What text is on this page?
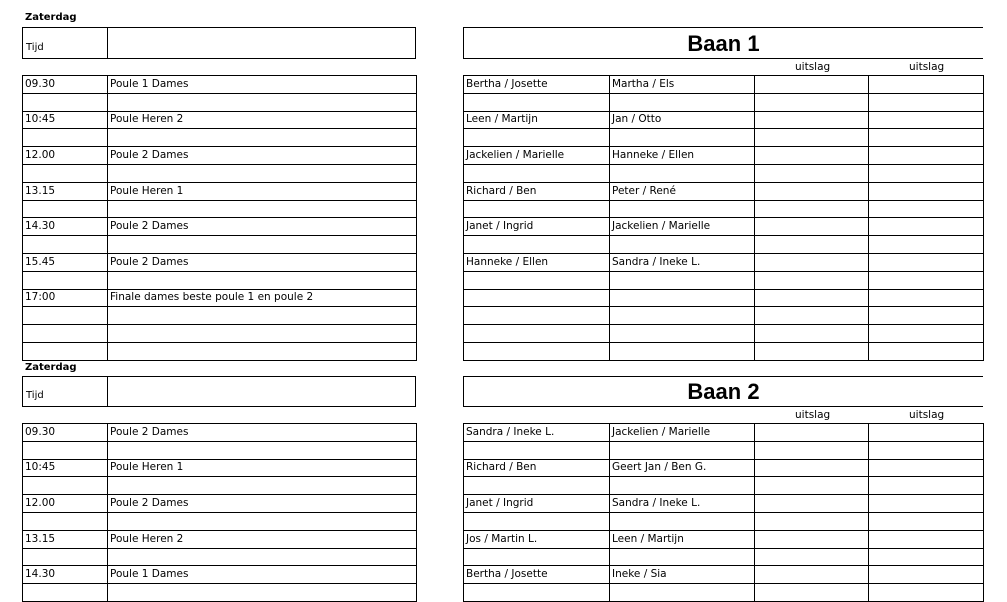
Zaterdag
Tijd
09.30	Poule 1 Dames

10:45	Poule Heren 2

12.00	Poule 2 Dames

13.15	Poule Heren 1

14.30	Poule 2 Dames

15.45	Poule 2 Dames

17:00	Finale dames beste poule 1 en poule 2

Baan 1
uitslag	uitslag
Bertha / Josette	Martha / Els		

Leen / Martijn	Jan / Otto		

Jackelien / Marielle	Hanneke / Ellen		

Richard / Ben	Peter / René		

Janet / Ingrid	Jackelien / Marielle		

Hanneke / Ellen	Sandra / Ineke L.		

Zaterdag
Tijd
09.30	Poule 2 Dames

10:45	Poule Heren 1

12.00	Poule 2 Dames

13.15	Poule Heren 2

14.30	Poule 1 Dames

Baan 2
uitslag	uitslag
Sandra / Ineke L.	Jackelien / Marielle		

Richard / Ben	Geert Jan / Ben G.		

Janet / Ingrid	Sandra / Ineke L.		

Jos / Martin L.	Leen / Martijn		

Bertha / Josette	Ineke / Sia		
